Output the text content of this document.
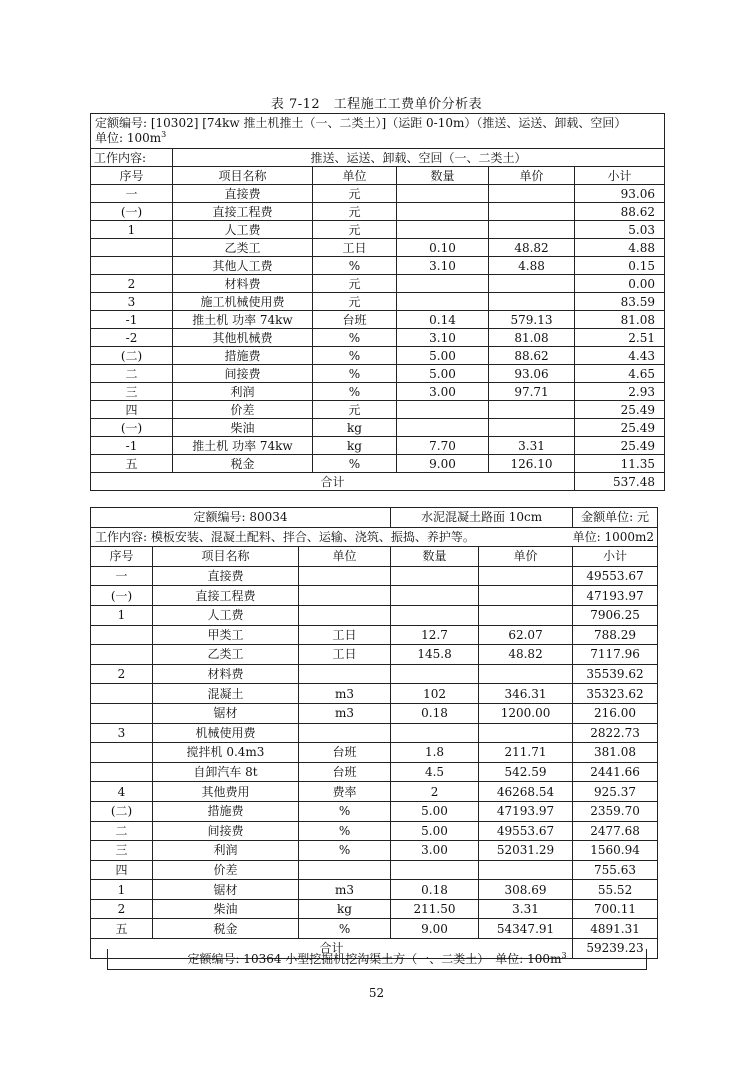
表 7-12　工程施工工费单价分析表
定额编号: [10302] [74kw 推土机推土（一、二类土）]（运距 0-10m）（推送、运送、卸载、空回）
单位: $100m^3$

工作内容:	推送、运送、卸载、空回（一、二类土）				
序号	项目名称	单位	数量	单价	小计
一	直接费	元			93.06
(一)	直接工程费	元			88.62
1	人工费	元			5.03
	乙类工	工日	0.10	48.82	4.88
	其他人工费	%	3.10	4.88	0.15
2	材料费	元			0.00
3	施工机械使用费	元			83.59
-1	推土机 功率 74kw	台班	0.14	579.13	81.08
-2	其他机械费	%	3.10	81.08	2.51
(二)	措施费	%	5.00	88.62	4.43
二	间接费	%	5.00	93.06	4.65
三	利润	%	3.00	97.71	2.93
四	价差	元			25.49
(一)	柴油	kg			25.49
-1	推土机 功率 74kw	kg	7.70	3.31	25.49
五	税金	%	9.00	126.10	11.35
合计					537.48
定额编号: 80034			水泥混凝土路面 10cm		金额单位: 元
工作内容: 模板安装、混凝土配料、拌合、运输、浇筑、振捣、养护等。 单位: 1000m2					

序号	项目名称	单位	数量	单价	小计
一	直接费				49553.67
(一)	直接工程费				47193.97
1	人工费				7906.25
	甲类工	工日	12.7	62.07	788.29
	乙类工	工日	145.8	48.82	7117.96
2	材料费				35539.62
	混凝土	m3	102	346.31	35323.62
	锯材	m3	0.18	1200.00	216.00
3	机械使用费				2822.73
	搅拌机 0.4m3	台班	1.8	211.71	381.08
	自卸汽车 8t	台班	4.5	542.59	2441.66
4	其他费用	费率	2	46268.54	925.37
(二)	措施费	%	5.00	47193.97	2359.70
二	间接费	%	5.00	49553.67	2477.68
三	利润	%	3.00	52031.29	1560.94
四	价差				755.63
1	锯材	m3	0.18	308.69	55.52
2	柴油	kg	211.50	3.31	700.11
五	税金	%	9.00	54347.91	4891.31
合计					59239.23
定额编号: 10364 小型挖掘机挖沟渠土方（一、二类土）　单位: $100m^3$
52
